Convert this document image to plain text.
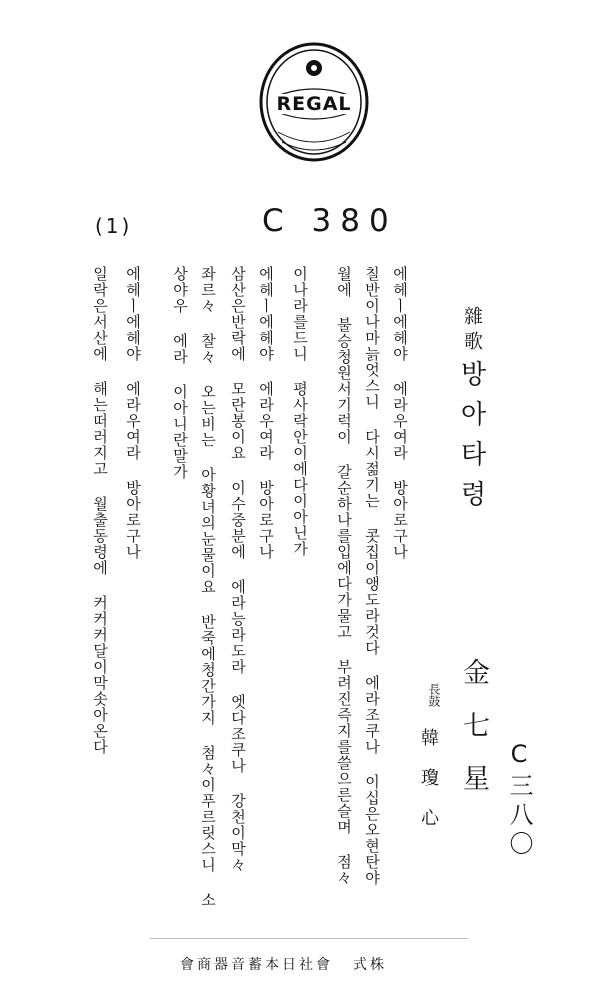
REGAL
(1)	C 380
雜歌
방아타령
金七星
長鼓
韓瓊心	C三八〇
에헤ㅣ에헤야 에라우여라 방아로구나
칠반이나마늙엇스니 다시젊기는 콧집이앵도라것다 에라조쿠나 이십은오현탄야
월에 불승청원서기럭이 갈순하나를입에다가물고 부려진즉지를쓸으른슬며 점々
이나라를드니 평사락안이에다이아닌가
에헤ㅣ에헤야 에라우여라 방아로구나
삼산은반락에 모란봉이요 이수중분에 에라능라도라 엣다조쿠나 강천이막々
좌르々 찰々 오는비는 아황녀의눈물이요 반죽에청간가지 첨々이푸르릿스니 소
상야우 에라 이아니란말가
에헤ㅣ에헤야 에라우여라 방아로구나
일락은서산에 해는떠러지고 월출동령에 커커커달이막솟아온다
會商器音蓄本日社會 式株
